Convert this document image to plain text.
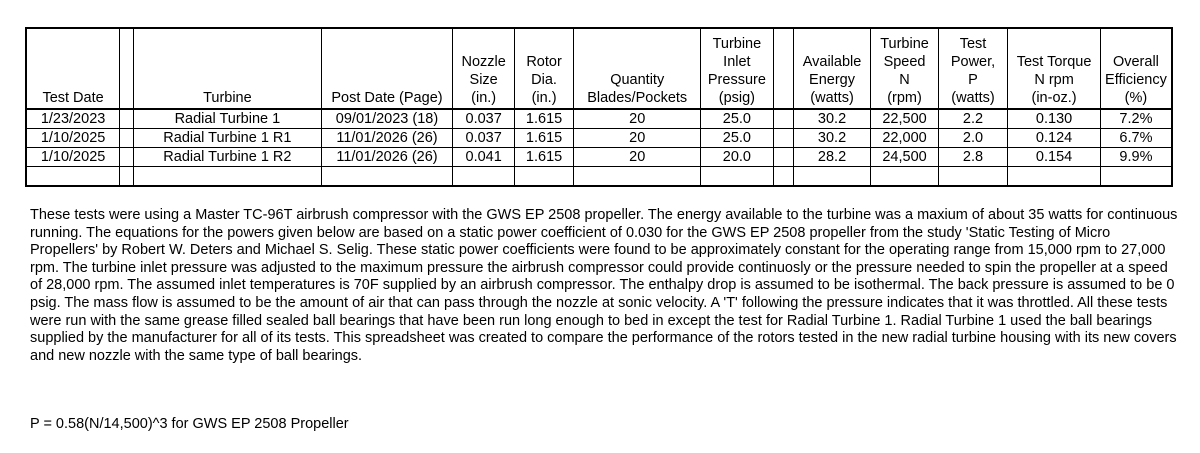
Test Date		Turbine	Post Date (Page)	Nozzle
Size
(in.)	Rotor
Dia.
(in.)	Quantity
Blades/Pockets	Turbine
Inlet
Pressure
(psig)		Available
Energy
(watts)	Turbine
Speed
N
(rpm)	Test
Power,
P
(watts)	Test Torque
N rpm
(in-oz.)	Overall
Efficiency
(%)
1/23/2023		Radial Turbine 1	09/01/2023 (18)	0.037	1.615	20	25.0		30.2	22,500	2.2	0.130	7.2%
1/10/2025		Radial Turbine 1 R1	11/01/2026 (26)	0.037	1.615	20	25.0		30.2	22,000	2.0	0.124	6.7%
1/10/2025		Radial Turbine 1 R2	11/01/2026 (26)	0.041	1.615	20	20.0		28.2	24,500	2.8	0.154	9.9%

These tests were using a Master TC-96T airbrush compressor with the GWS EP 2508 propeller. The energy available to the turbine was a maxium of about 35 watts for continuous running. The equations for the powers given below are based on a static power coefficient of 0.030 for the GWS EP 2508 propeller from the study 'Static Testing of Micro Propellers' by Robert W. Deters and Michael S. Selig. These static power coefficients were found to be approximately constant for the operating range from 15,000 rpm to 27,000 rpm. The turbine inlet pressure was adjusted to the maximum pressure the airbrush compressor could provide continuosly or the pressure needed to spin the propeller at a speed of 28,000 rpm. The assumed inlet temperatures is 70F supplied by an airbrush compressor. The enthalpy drop is assumed to be isothermal. The back pressure is assumed to be 0 psig. The mass flow is assumed to be the amount of air that can pass through the nozzle at sonic velocity. A 'T' following the pressure indicates that it was throttled. All these tests were run with the same grease filled sealed ball bearings that have been run long enough to bed in except the test for Radial Turbine 1. Radial Turbine 1 used the ball bearings supplied by the manufacturer for all of its tests. This spreadsheet was created to compare the performance of the rotors tested in the new radial turbine housing with its new covers and new nozzle with the same type of ball bearings.

P = 0.58(N/14,500)^3 for GWS EP 2508 Propeller
